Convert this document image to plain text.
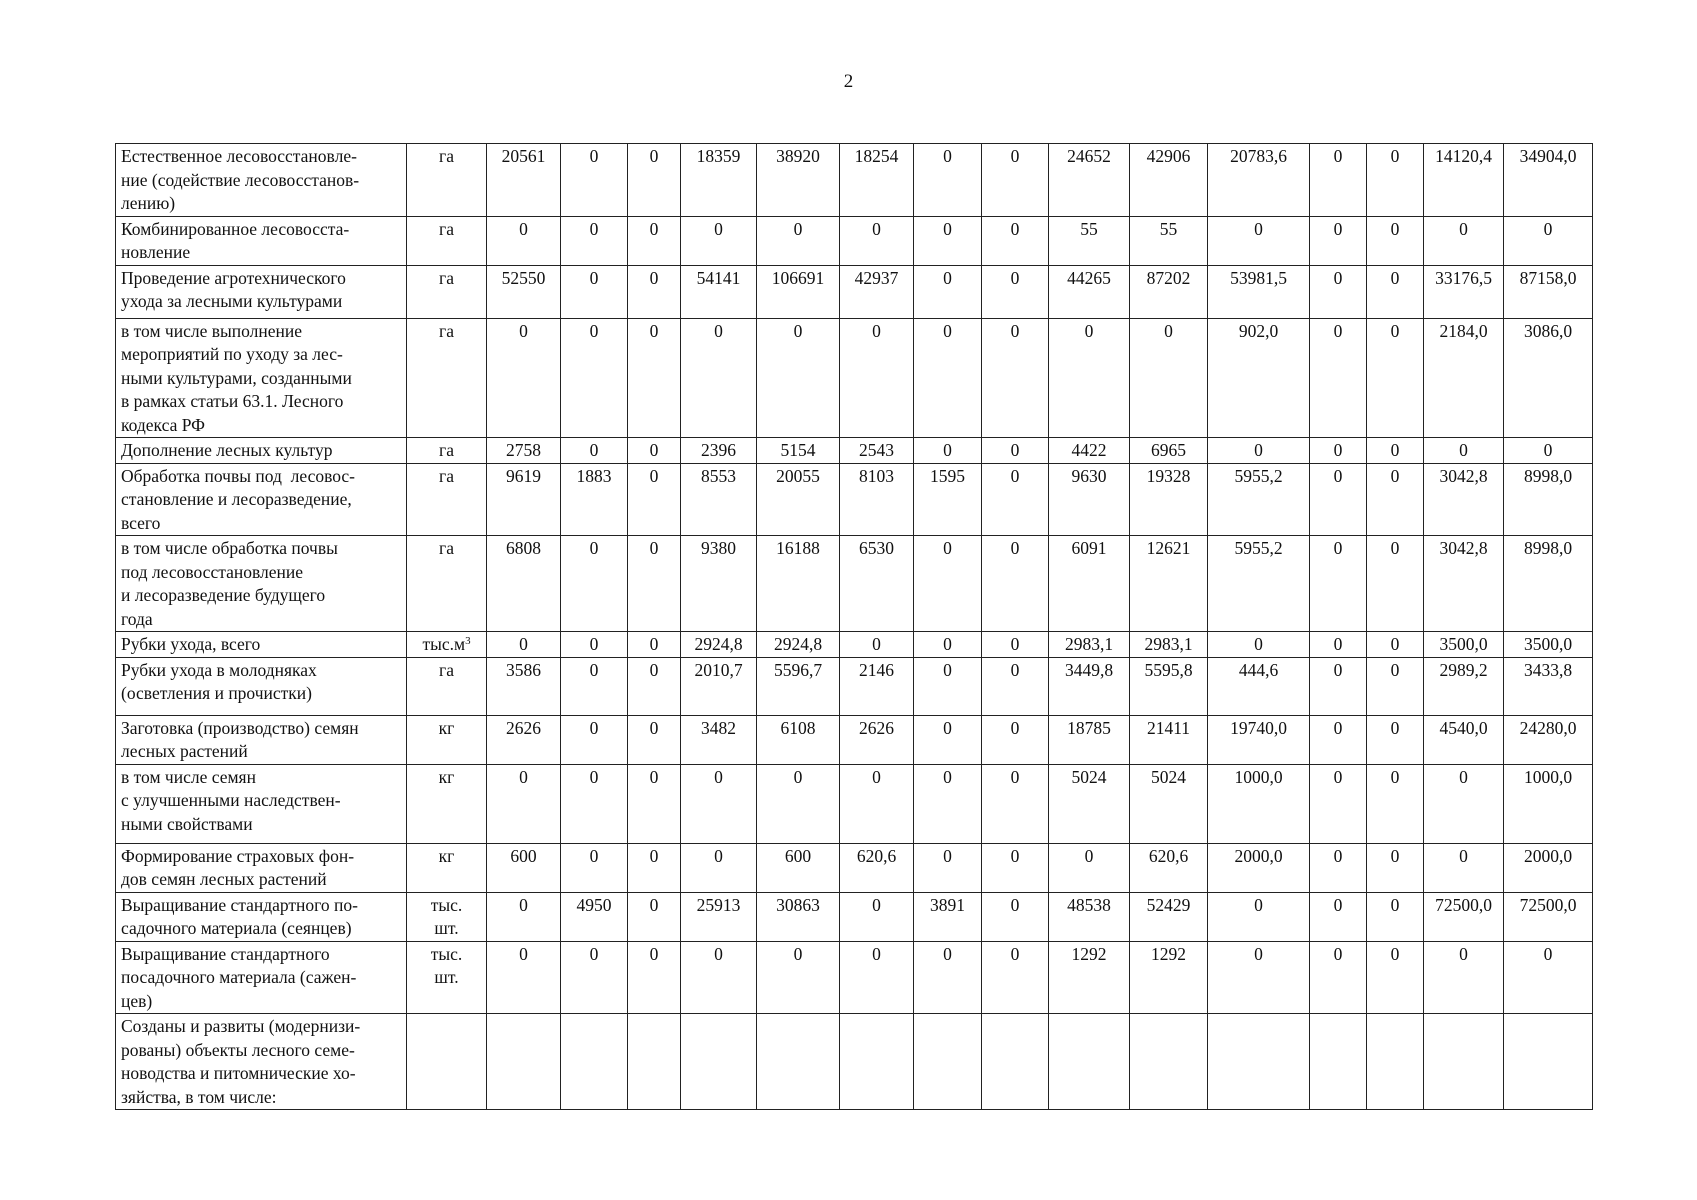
2
Естественное лесовосстановле-
ние (содействие лесовосстанов-
лению)	га	20561	0	0	18359	38920	18254	0	0	24652	42906	20783,6	0	0	14120,4	34904,0
Комбинированное лесовосста-
новление	га	0	0	0	0	0	0	0	0	55	55	0	0	0	0	0
Проведение агротехнического
ухода за лесными культурами	га	52550	0	0	54141	106691	42937	0	0	44265	87202	53981,5	0	0	33176,5	87158,0
в том числе выполнение
мероприятий по уходу за лес-
ными культурами, созданными
в рамках статьи 63.1. Лесного
кодекса РФ	га	0	0	0	0	0	0	0	0	0	0	902,0	0	0	2184,0	3086,0
Дополнение лесных культур	га	2758	0	0	2396	5154	2543	0	0	4422	6965	0	0	0	0	0
Обработка почвы под  лесовос-
становление и лесоразведение,
всего	га	9619	1883	0	8553	20055	8103	1595	0	9630	19328	5955,2	0	0	3042,8	8998,0
в том числе обработка почвы
под лесовосстановление
и лесоразведение будущего
года	га	6808	0	0	9380	16188	6530	0	0	6091	12621	5955,2	0	0	3042,8	8998,0
Рубки ухода, всего	$тыс.м^3$	0	0	0	2924,8	2924,8	0	0	0	2983,1	2983,1	0	0	0	3500,0	3500,0
Рубки ухода в молодняках
(осветления и прочистки)	га	3586	0	0	2010,7	5596,7	2146	0	0	3449,8	5595,8	444,6	0	0	2989,2	3433,8
Заготовка (производство) семян
лесных растений	кг	2626	0	0	3482	6108	2626	0	0	18785	21411	19740,0	0	0	4540,0	24280,0
в том числе семян
с улучшенными наследствен-
ными свойствами	кг	0	0	0	0	0	0	0	0	5024	5024	1000,0	0	0	0	1000,0
Формирование страховых фон-
дов семян лесных растений	кг	600	0	0	0	600	620,6	0	0	0	620,6	2000,0	0	0	0	2000,0
Выращивание стандартного по-
садочного материала (сеянцев)	тыс.
шт.	0	4950	0	25913	30863	0	3891	0	48538	52429	0	0	0	72500,0	72500,0
Выращивание стандартного
посадочного материала (сажен-
цев)	тыс.
шт.	0	0	0	0	0	0	0	0	1292	1292	0	0	0	0	0
Созданы и развиты (модернизи-
рованы) объекты лесного семе-
новодства и питомнические хо-
зяйства, в том числе:																
